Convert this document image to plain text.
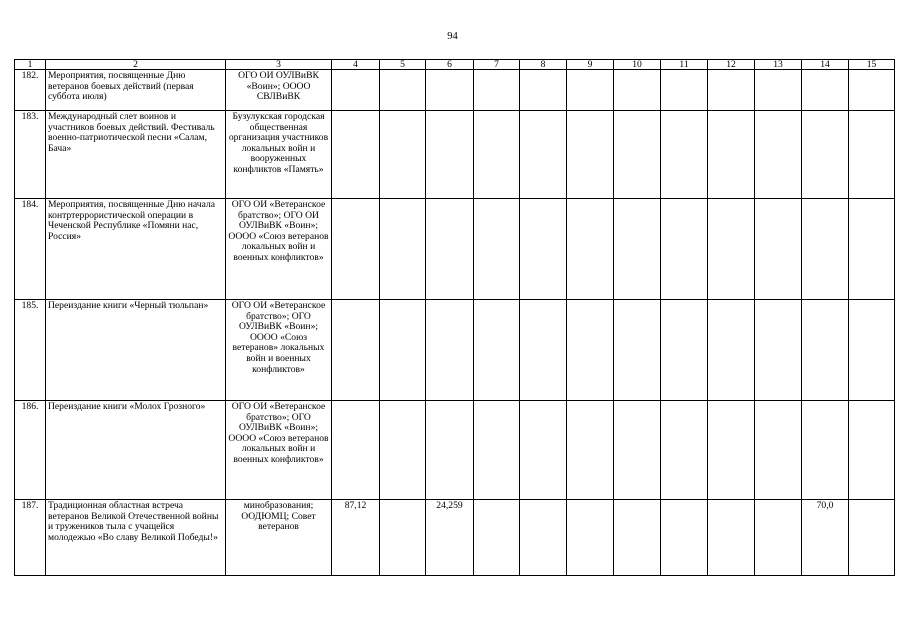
94
1	2	3	4	5	6	7	8	9	10	11	12	13	14	15
182.	Мероприятия, посвященные Дню ветеранов боевых действий (первая суббота июля)	ОГО ОИ ОУЛВиВК «Воин»; ОООО СВЛВиВК												
183.	Международный слет воинов и участников боевых действий. Фестиваль военно-патриотической песни «Салам, Бача»	Бузулукская городская общественная организация участников локальных войн и вооруженных конфликтов «Память»												
184.	Мероприятия, посвященные Дню начала контртеррористической операции в Чеченской Республике «Помяни нас, Россия»	ОГО ОИ «Ветеранское братство»; ОГО ОИ ОУЛВиВК «Воин»; ОООО «Союз ветеранов локальных войн и военных конфликтов»												
185.	Переиздание книги «Черный тюльпан»	ОГО ОИ «Ветеранское братство»; ОГО ОУЛВиВК «Воин»; ОООО «Союз ветеранов» локальных войн и военных конфликтов»												
186.	Переиздание книги «Молох Грозного»	ОГО ОИ «Ветеранское братство»; ОГО ОУЛВиВК «Воин»; ОООО «Союз ветеранов локальных войн и военных конфликтов»												
187.	Традиционная областная встреча ветеранов Великой Отечественной войны и тружеников тыла с учащейся молодежью «Во славу Великой Победы!»	минобразования; ООДЮМЦ; Совет ветеранов	87,12		24,259								70,0	
